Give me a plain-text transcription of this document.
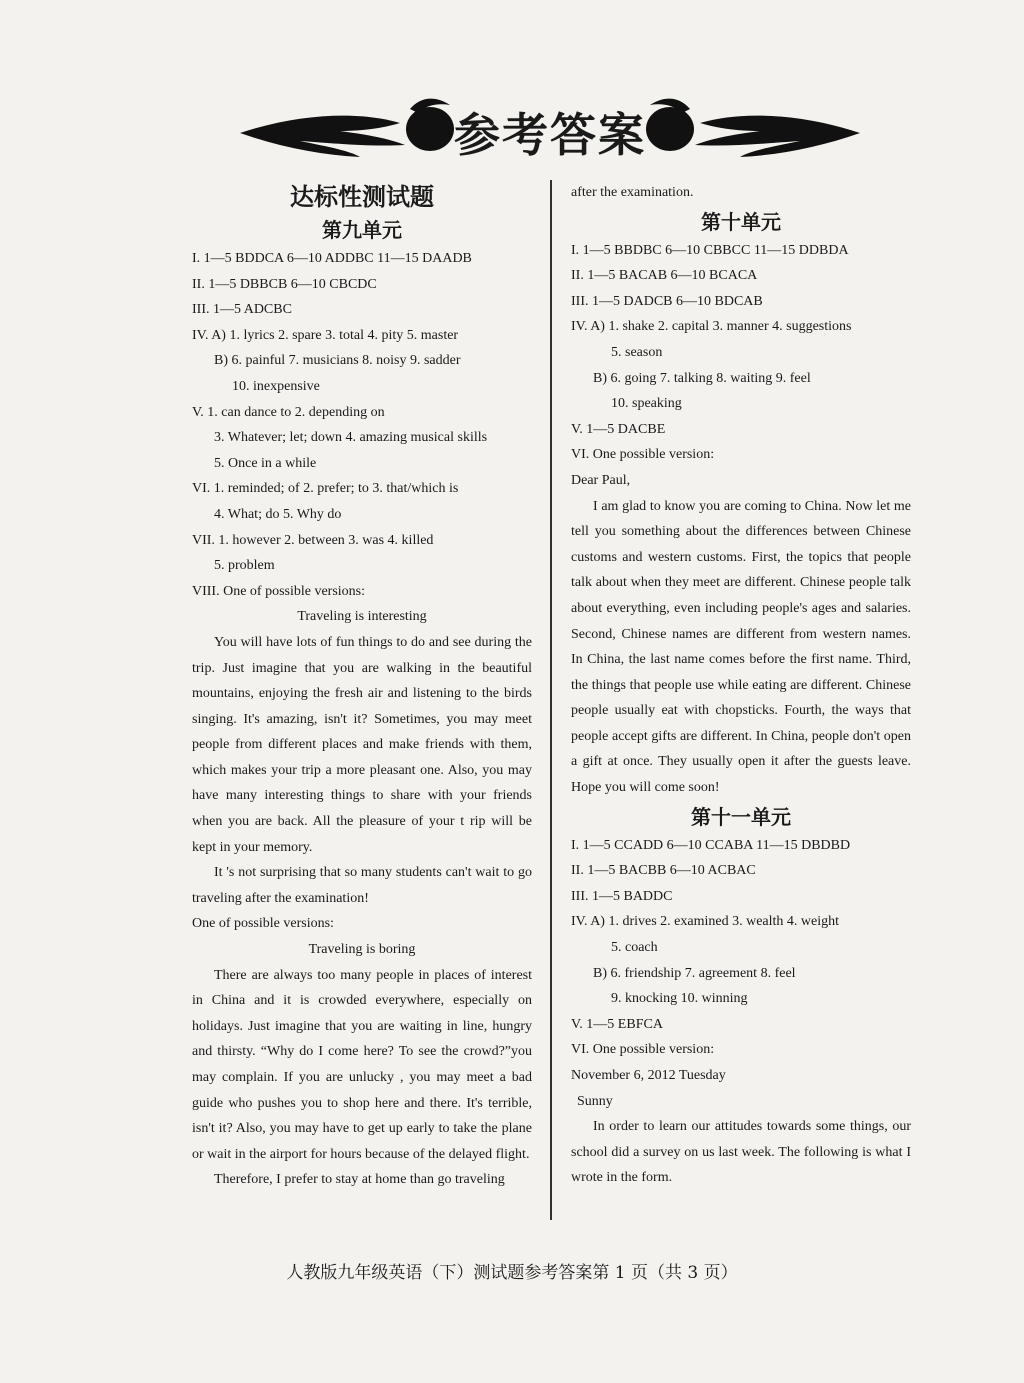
参考答案

达标性测试题

第九单元

I. 1—5 BDDCA 6—10 ADDBC 11—15 DAADB

II. 1—5 DBBCB 6—10 CBCDC

III. 1—5 ADCBC

IV. A) 1. lyrics 2. spare 3. total 4. pity 5. master

B) 6. painful 7. musicians 8. noisy 9. sadder

10. inexpensive

V. 1. can dance to 2. depending on

3. Whatever; let; down 4. amazing musical skills

5. Once in a while

VI. 1. reminded; of 2. prefer; to 3. that/which is

4. What; do 5. Why do

VII. 1. however 2. between 3. was 4. killed

5. problem

VIII. One of possible versions:

Traveling is interesting

You will have lots of fun things to do and see during the trip. Just imagine that you are walking in the beautiful mountains, enjoying the fresh air and listening to the birds singing. It's amazing, isn't it? Sometimes, you may meet people from different places and make friends with them, which makes your trip a more pleasant one. Also, you may have many interesting things to share with your friends when you are back. All the pleasure of your t rip will be kept in your memory.

It 's not surprising that so many students can't wait to go traveling after the examination!

One of possible versions:

Traveling is boring

There are always too many people in places of interest in China and it is crowded everywhere, especially on holidays. Just imagine that you are waiting in line, hungry and thirsty. “Why do I come here? To see the crowd?”you may complain. If you are unlucky , you may meet a bad guide who pushes you to shop here and there. It's terrible, isn't it? Also, you may have to get up early to take the plane or wait in the airport for hours because of the delayed flight.

Therefore, I prefer to stay at home than go traveling

after the examination.

第十单元

I. 1—5 BBDBC 6—10 CBBCC 11—15 DDBDA

II. 1—5 BACAB 6—10 BCACA

III. 1—5 DADCB 6—10 BDCAB

IV. A) 1. shake 2. capital 3. manner 4. suggestions

5. season

B) 6. going 7. talking 8. waiting 9. feel

10. speaking

V. 1—5 DACBE

VI. One possible version:

Dear Paul,

I am glad to know you are coming to China. Now let me tell you something about the differences between Chinese customs and western customs. First, the topics that people talk about when they meet are different. Chinese people talk about everything, even including people's ages and salaries. Second, Chinese names are different from western names. In China, the last name comes before the first name. Third, the things that people use while eating are different. Chinese people usually eat with chopsticks. Fourth, the ways that people accept gifts are different. In China, people don't open a gift at once. They usually open it after the guests leave. Hope you will come soon!

第十一单元

I. 1—5 CCADD 6—10 CCABA 11—15 DBDBD

II. 1—5 BACBB 6—10 ACBAC

III. 1—5 BADDC

IV. A) 1. drives 2. examined 3. wealth 4. weight

5. coach

B) 6. friendship 7. agreement 8. feel

9. knocking 10. winning

V. 1—5 EBFCA

VI. One possible version:

November 6, 2012 Tuesday

Sunny

In order to learn our attitudes towards some things, our school did a survey on us last week. The following is what I wrote in the form.

人教版九年级英语（下）测试题参考答案第 1 页（共 3 页）
